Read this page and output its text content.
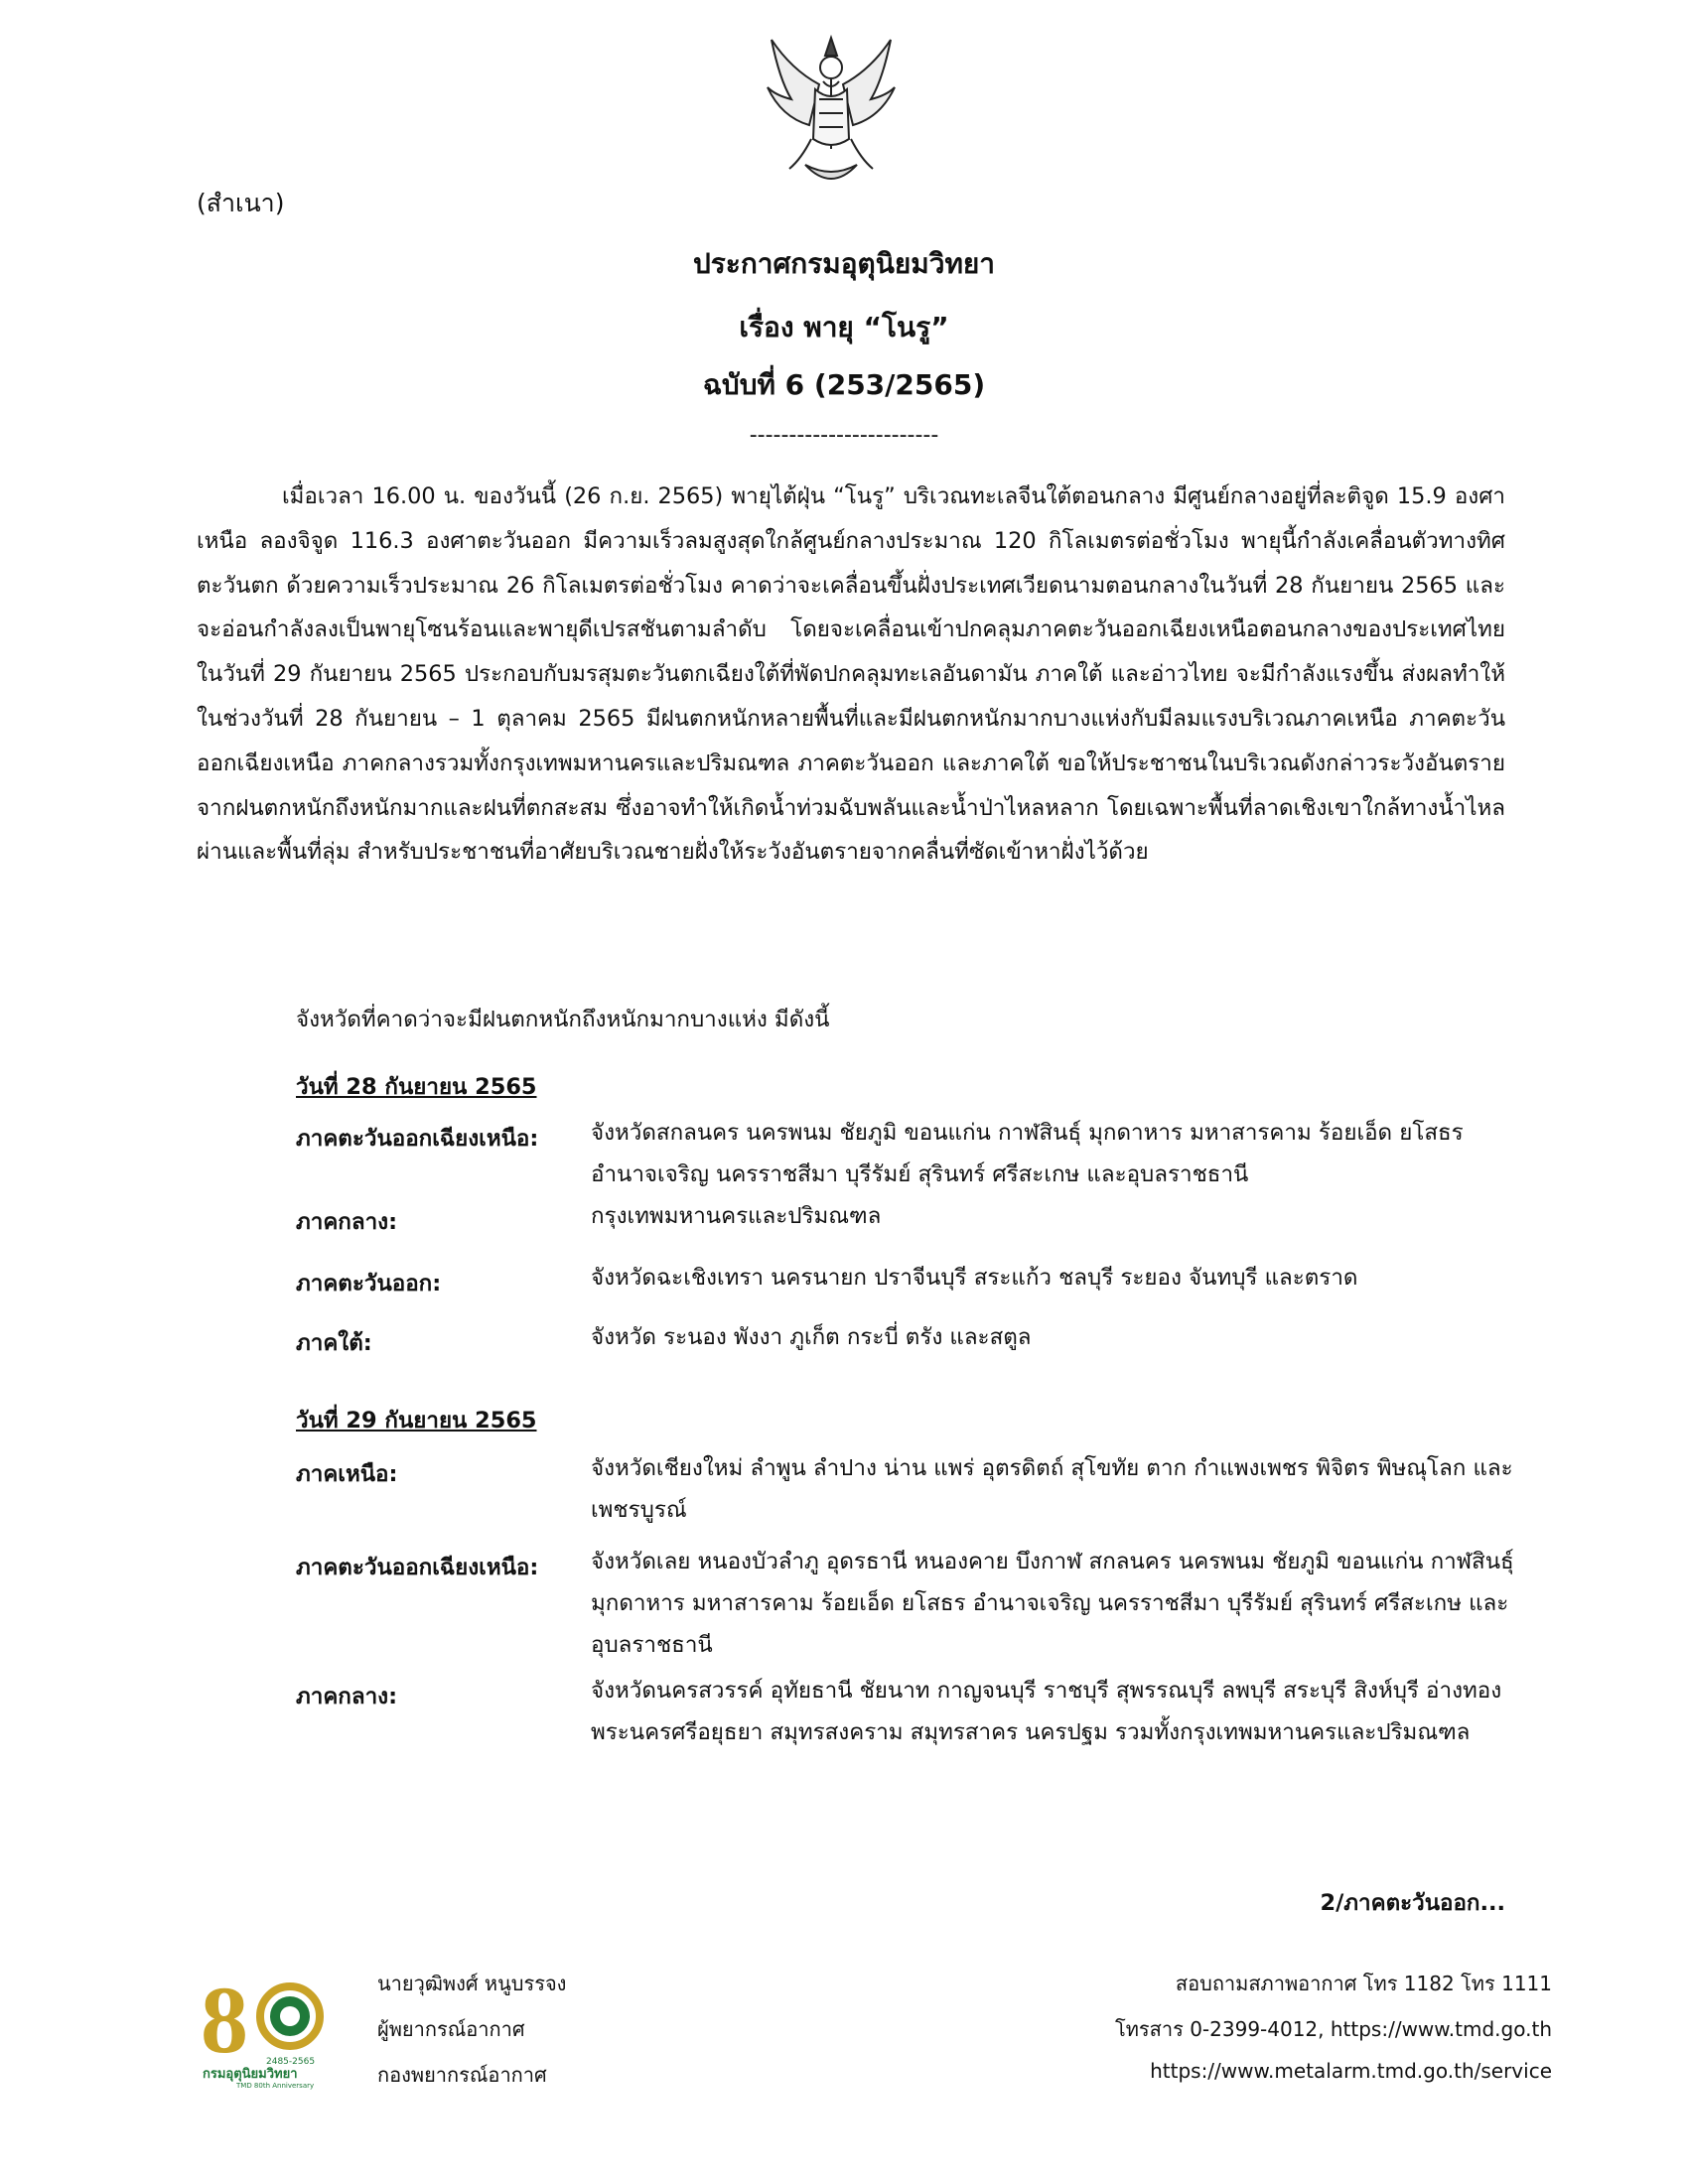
(สำเนา)
ประกาศกรมอุตุนิยมวิทยา
เรื่อง พายุ “โนรู”
ฉบับที่ 6 (253/2565)
------------------------

เมื่อเวลา 16.00 น. ของวันนี้ (26 ก.ย. 2565) พายุไต้ฝุ่น “โนรู” บริเวณทะเลจีนใต้ตอนกลาง มีศูนย์กลางอยู่ที่ละติจูด 15.9 องศาเหนือ ลองจิจูด 116.3 องศาตะวันออก มีความเร็วลมสูงสุดใกล้ศูนย์กลางประมาณ 120 กิโลเมตรต่อชั่วโมง พายุนี้กำลังเคลื่อนตัวทางทิศตะวันตก ด้วยความเร็วประมาณ 26 กิโลเมตรต่อชั่วโมง คาดว่าจะเคลื่อนขึ้นฝั่งประเทศเวียดนามตอนกลางในวันที่ 28 กันยายน 2565 และจะอ่อนกำลังลงเป็นพายุโซนร้อนและพายุดีเปรสชันตามลำดับ โดยจะเคลื่อนเข้าปกคลุมภาคตะวันออกเฉียงเหนือตอนกลางของประเทศไทยในวันที่ 29 กันยายน 2565 ประกอบกับมรสุมตะวันตกเฉียงใต้ที่พัดปกคลุมทะเลอันดามัน ภาคใต้ และอ่าวไทย จะมีกำลังแรงขึ้น ส่งผลทำให้ในช่วงวันที่ 28 กันยายน – 1 ตุลาคม 2565 มีฝนตกหนักหลายพื้นที่และมีฝนตกหนักมากบางแห่งกับมีลมแรงบริเวณภาคเหนือ ภาคตะวันออกเฉียงเหนือ ภาคกลางรวมทั้งกรุงเทพมหานครและปริมณฑล ภาคตะวันออก และภาคใต้ ขอให้ประชาชนในบริเวณดังกล่าวระวังอันตรายจากฝนตกหนักถึงหนักมากและฝนที่ตกสะสม ซึ่งอาจทำให้เกิดน้ำท่วมฉับพลันและน้ำป่าไหลหลาก โดยเฉพาะพื้นที่ลาดเชิงเขาใกล้ทางน้ำไหลผ่านและพื้นที่ลุ่ม สำหรับประชาชนที่อาศัยบริเวณชายฝั่งให้ระวังอันตรายจากคลื่นที่ซัดเข้าหาฝั่งไว้ด้วย

จังหวัดที่คาดว่าจะมีฝนตกหนักถึงหนักมากบางแห่ง มีดังนี้
วันที่ 28 กันยายน 2565
ภาคตะวันออกเฉียงเหนือ: จังหวัดสกลนคร นครพนม ชัยภูมิ ขอนแก่น กาฬสินธุ์ มุกดาหาร มหาสารคาม ร้อยเอ็ด ยโสธร อำนาจเจริญ นครราชสีมา บุรีรัมย์ สุรินทร์ ศรีสะเกษ และอุบลราชธานี

ภาคกลาง:	กรุงเทพมหานครและปริมณฑล

ภาคตะวันออก:	จังหวัดฉะเชิงเทรา นครนายก ปราจีนบุรี สระแก้ว ชลบุรี ระยอง จันทบุรี และตราด

ภาคใต้:	จังหวัด ระนอง พังงา ภูเก็ต กระบี่ ตรัง และสตูล

วันที่ 29 กันยายน 2565
ภาคเหนือ:	จังหวัดเชียงใหม่ ลำพูน ลำปาง น่าน แพร่ อุตรดิตถ์ สุโขทัย ตาก กำแพงเพชร พิจิตร พิษณุโลก และเพชรบูรณ์

ภาคตะวันออกเฉียงเหนือ: จังหวัดเลย หนองบัวลำภู อุดรธานี หนองคาย บึงกาฬ สกลนคร นครพนม ชัยภูมิ ขอนแก่น กาฬสินธุ์ มุกดาหาร มหาสารคาม ร้อยเอ็ด ยโสธร อำนาจเจริญ นครราชสีมา บุรีรัมย์ สุรินทร์ ศรีสะเกษ และอุบลราชธานี

ภาคกลาง:	จังหวัดนครสวรรค์ อุทัยธานี ชัยนาท กาญจนบุรี ราชบุรี สุพรรณบุรี ลพบุรี สระบุรี สิงห์บุรี อ่างทอง พระนครศรีอยุธยา สมุทรสงคราม สมุทรสาคร นครปฐม รวมทั้งกรุงเทพมหานครและปริมณฑล

2/ภาคตะวันออก...
8 2485-2565
กรมอุตุนิยมวิทยา
TMD 80th Anniversary
นายวุฒิพงศ์ หนูบรรจง
ผู้พยากรณ์อากาศ
กองพยากรณ์อากาศ
สอบถามสภาพอากาศ โทร 1182 โทร 1111
โทรสาร 0-2399-4012, https://www.tmd.go.th
https://www.metalarm.tmd.go.th/service
